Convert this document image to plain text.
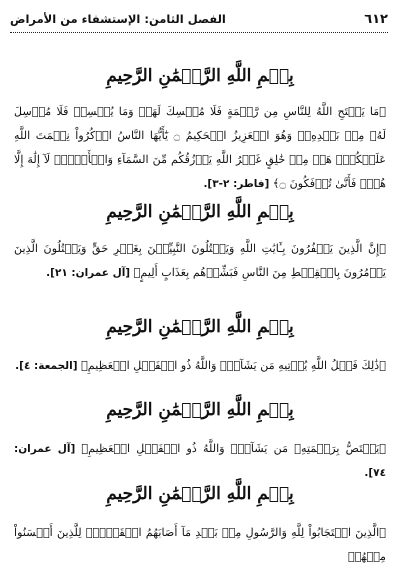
٦١٢
الفصل الثامن: الإستشفاء من الأمراض
بِسۡمِ اللَّهِ الرَّحۡمَٰنِ الرَّحِيمِ
﴿مَا يَفۡتَحِ اللَّهُ لِلنَّاسِ مِن رَّحۡمَةٍ فَلَا مُمۡسِكَ لَهَاۖ وَمَا يُمۡسِكۡ فَلَا مُرۡسِلَ لَهُۥ مِنۢ بَعۡدِهِۦۚ وَهُوَ الۡعَزِيزُ الۡحَكِيمُ ۝ يَٰٓأَيُّهَا النَّاسُ اذۡكُرُواْ نِعۡمَتَ اللَّهِ عَلَيۡكُمۡۚ هَلۡ مِنۡ خَٰلِقٍ غَيۡرُ اللَّهِ يَرۡزُقُكُم مِّنَ السَّمَآءِ وَالۡأَرۡضِۚ لَآ إِلَٰهَ إِلَّا هُوَۖ فَأَنَّىٰ تُؤۡفَكُونَ ۝﴾ [فاطر: ٢-٣].
بِسۡمِ اللَّهِ الرَّحۡمَٰنِ الرَّحِيمِ
﴿إِنَّ الَّذِينَ يَكۡفُرُونَ بِـَٔايَٰتِ اللَّهِ وَيَقۡتُلُونَ النَّبِيِّـۧنَ بِغَيۡرِ حَقٍّ وَيَقۡتُلُونَ الَّذِينَ يَأۡمُرُونَ بِالۡقِسۡطِ مِنَ النَّاسِ فَبَشِّرۡهُم بِعَذَابٍ أَلِيمٍ﴾ [آل عمران: ٢١].
بِسۡمِ اللَّهِ الرَّحۡمَٰنِ الرَّحِيمِ
﴿ذَٰلِكَ فَضۡلُ اللَّهِ يُؤۡتِيهِ مَن يَشَآءُۚ وَاللَّهُ ذُو الۡفَضۡلِ الۡعَظِيمِ﴾ [الجمعة: ٤].
بِسۡمِ اللَّهِ الرَّحۡمَٰنِ الرَّحِيمِ
﴿يَخۡتَصُّ بِرَحۡمَتِهِۦ مَن يَشَآءُۚ وَاللَّهُ ذُو الۡفَضۡلِ الۡعَظِيمِ﴾ [آل عمران: ٧٤].
بِسۡمِ اللَّهِ الرَّحۡمَٰنِ الرَّحِيمِ
﴿الَّذِينَ اسۡتَجَابُواْ لِلَّهِ وَالرَّسُولِ مِنۢ بَعۡدِ مَآ أَصَابَهُمُ الۡقَرۡحُۚ لِلَّذِينَ أَحۡسَنُواْ مِنۡهُمۡ
